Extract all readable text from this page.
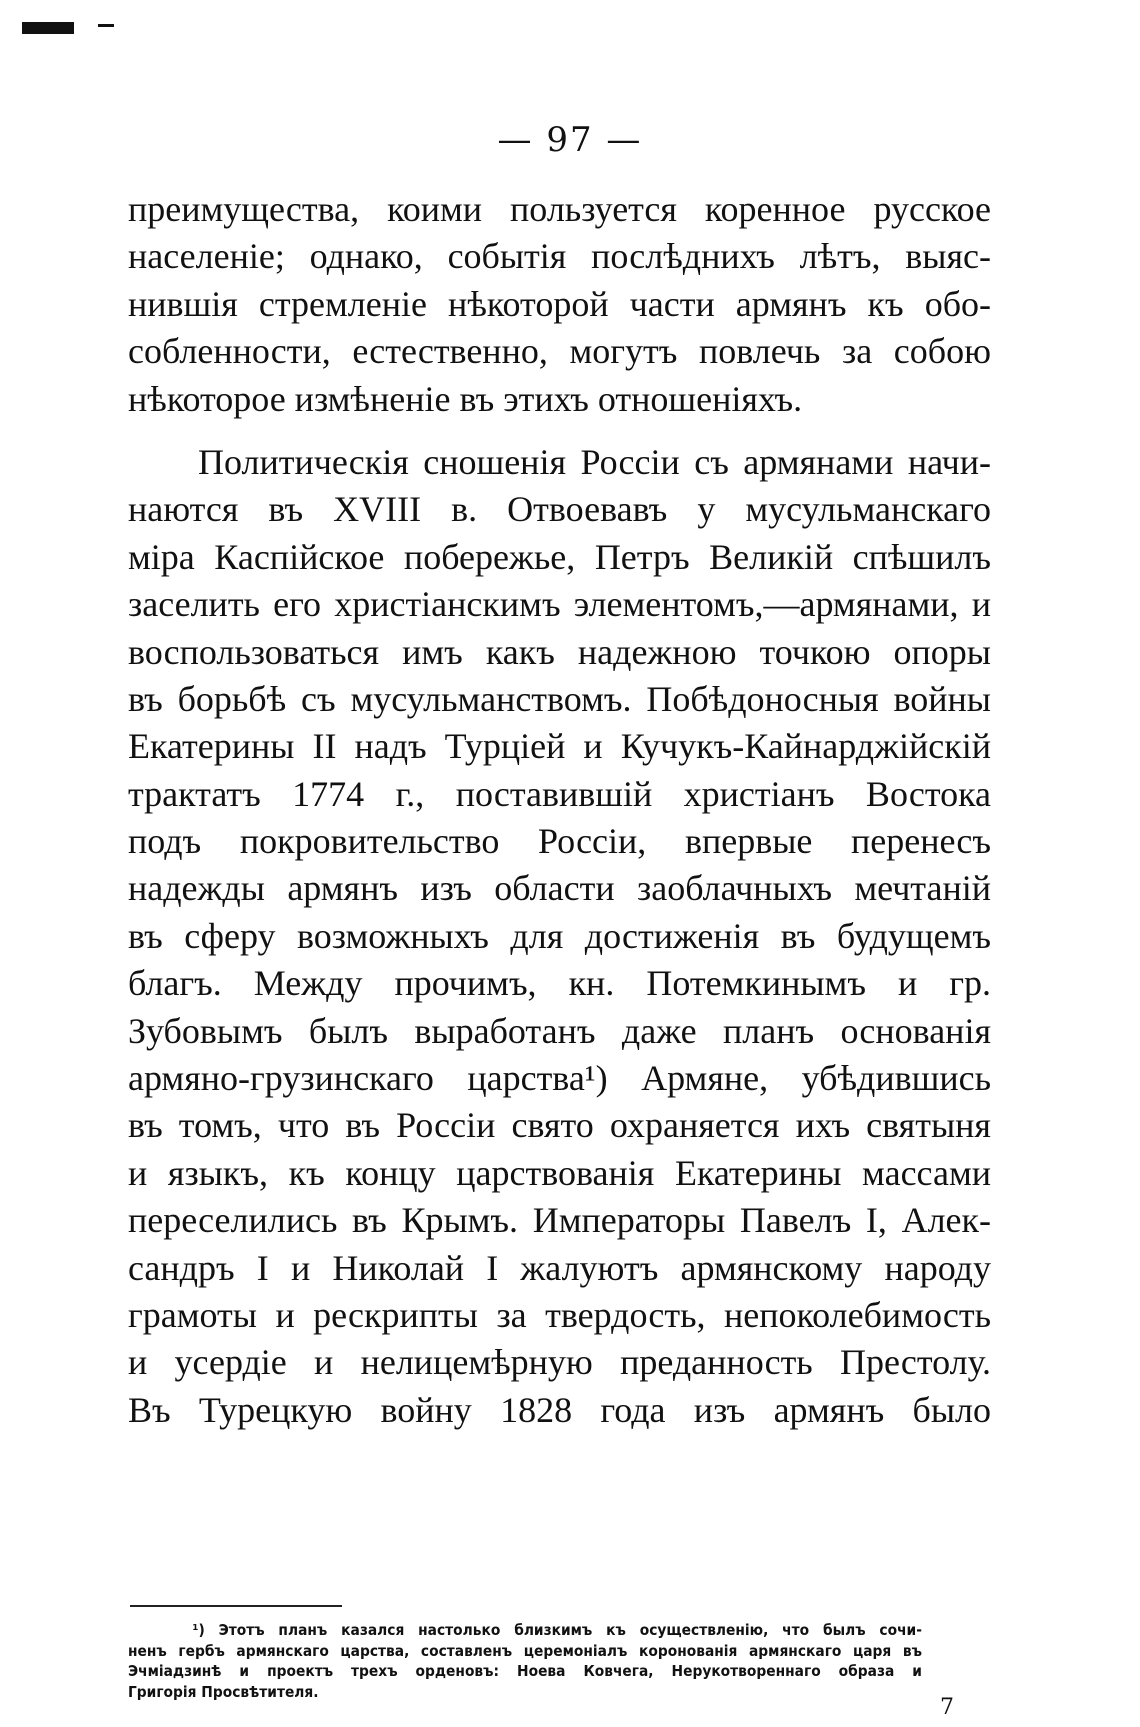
— 97 —
преимущества, коими пользуется коренное русское
населеніе; однако, событія послѣднихъ лѣтъ, выяс-
нившія стремленіе нѣкоторой части армянъ къ обо-
собленности, естественно, могутъ повлечь за собою
нѣкоторое измѣненіе въ этихъ отношеніяхъ.
Политическія сношенія Россіи съ армянами начи-
наются въ XVIII в. Отвоевавъ у мусульманскаго
міра Каспійское побережье, Петръ Великій спѣшилъ
заселить его христіанскимъ элементомъ,—армянами, и
воспользоваться имъ какъ надежною точкою опоры
въ борьбѣ съ мусульманствомъ. Побѣдоносныя войны
Екатерины II надъ Турціей и Кучукъ-Кайнарджійскій
трактатъ 1774 г., поставившій христіанъ Востока
подъ покровительство Россіи, впервые перенесъ
надежды армянъ изъ области заоблачныхъ мечтаній
въ сферу возможныхъ для достиженія въ будущемъ
благъ. Между прочимъ, кн. Потемкинымъ и гр.
Зубовымъ былъ выработанъ даже планъ основанія
армяно-грузинскаго царства¹) Армяне, убѣдившись
въ томъ, что въ Россіи свято охраняется ихъ святыня
и языкъ, къ концу царствованія Екатерины массами
переселились въ Крымъ. Императоры Павелъ I, Алек-
сандръ I и Николай I жалуютъ армянскому народу
грамоты и рескрипты за твердость, непоколебимость
и усердіе и нелицемѣрную преданность Престолу.
Въ Турецкую войну 1828 года изъ армянъ было
¹) Этотъ планъ казался настолько близкимъ къ осуществленію, что былъ сочи-
ненъ гербъ армянскаго царства, составленъ церемоніалъ коронованія армянскаго царя въ
Эчміадзинѣ и проектъ трехъ орденовъ: Ноева Ковчега, Нерукотвореннаго образа и
Григорія Просвѣтителя.
7
